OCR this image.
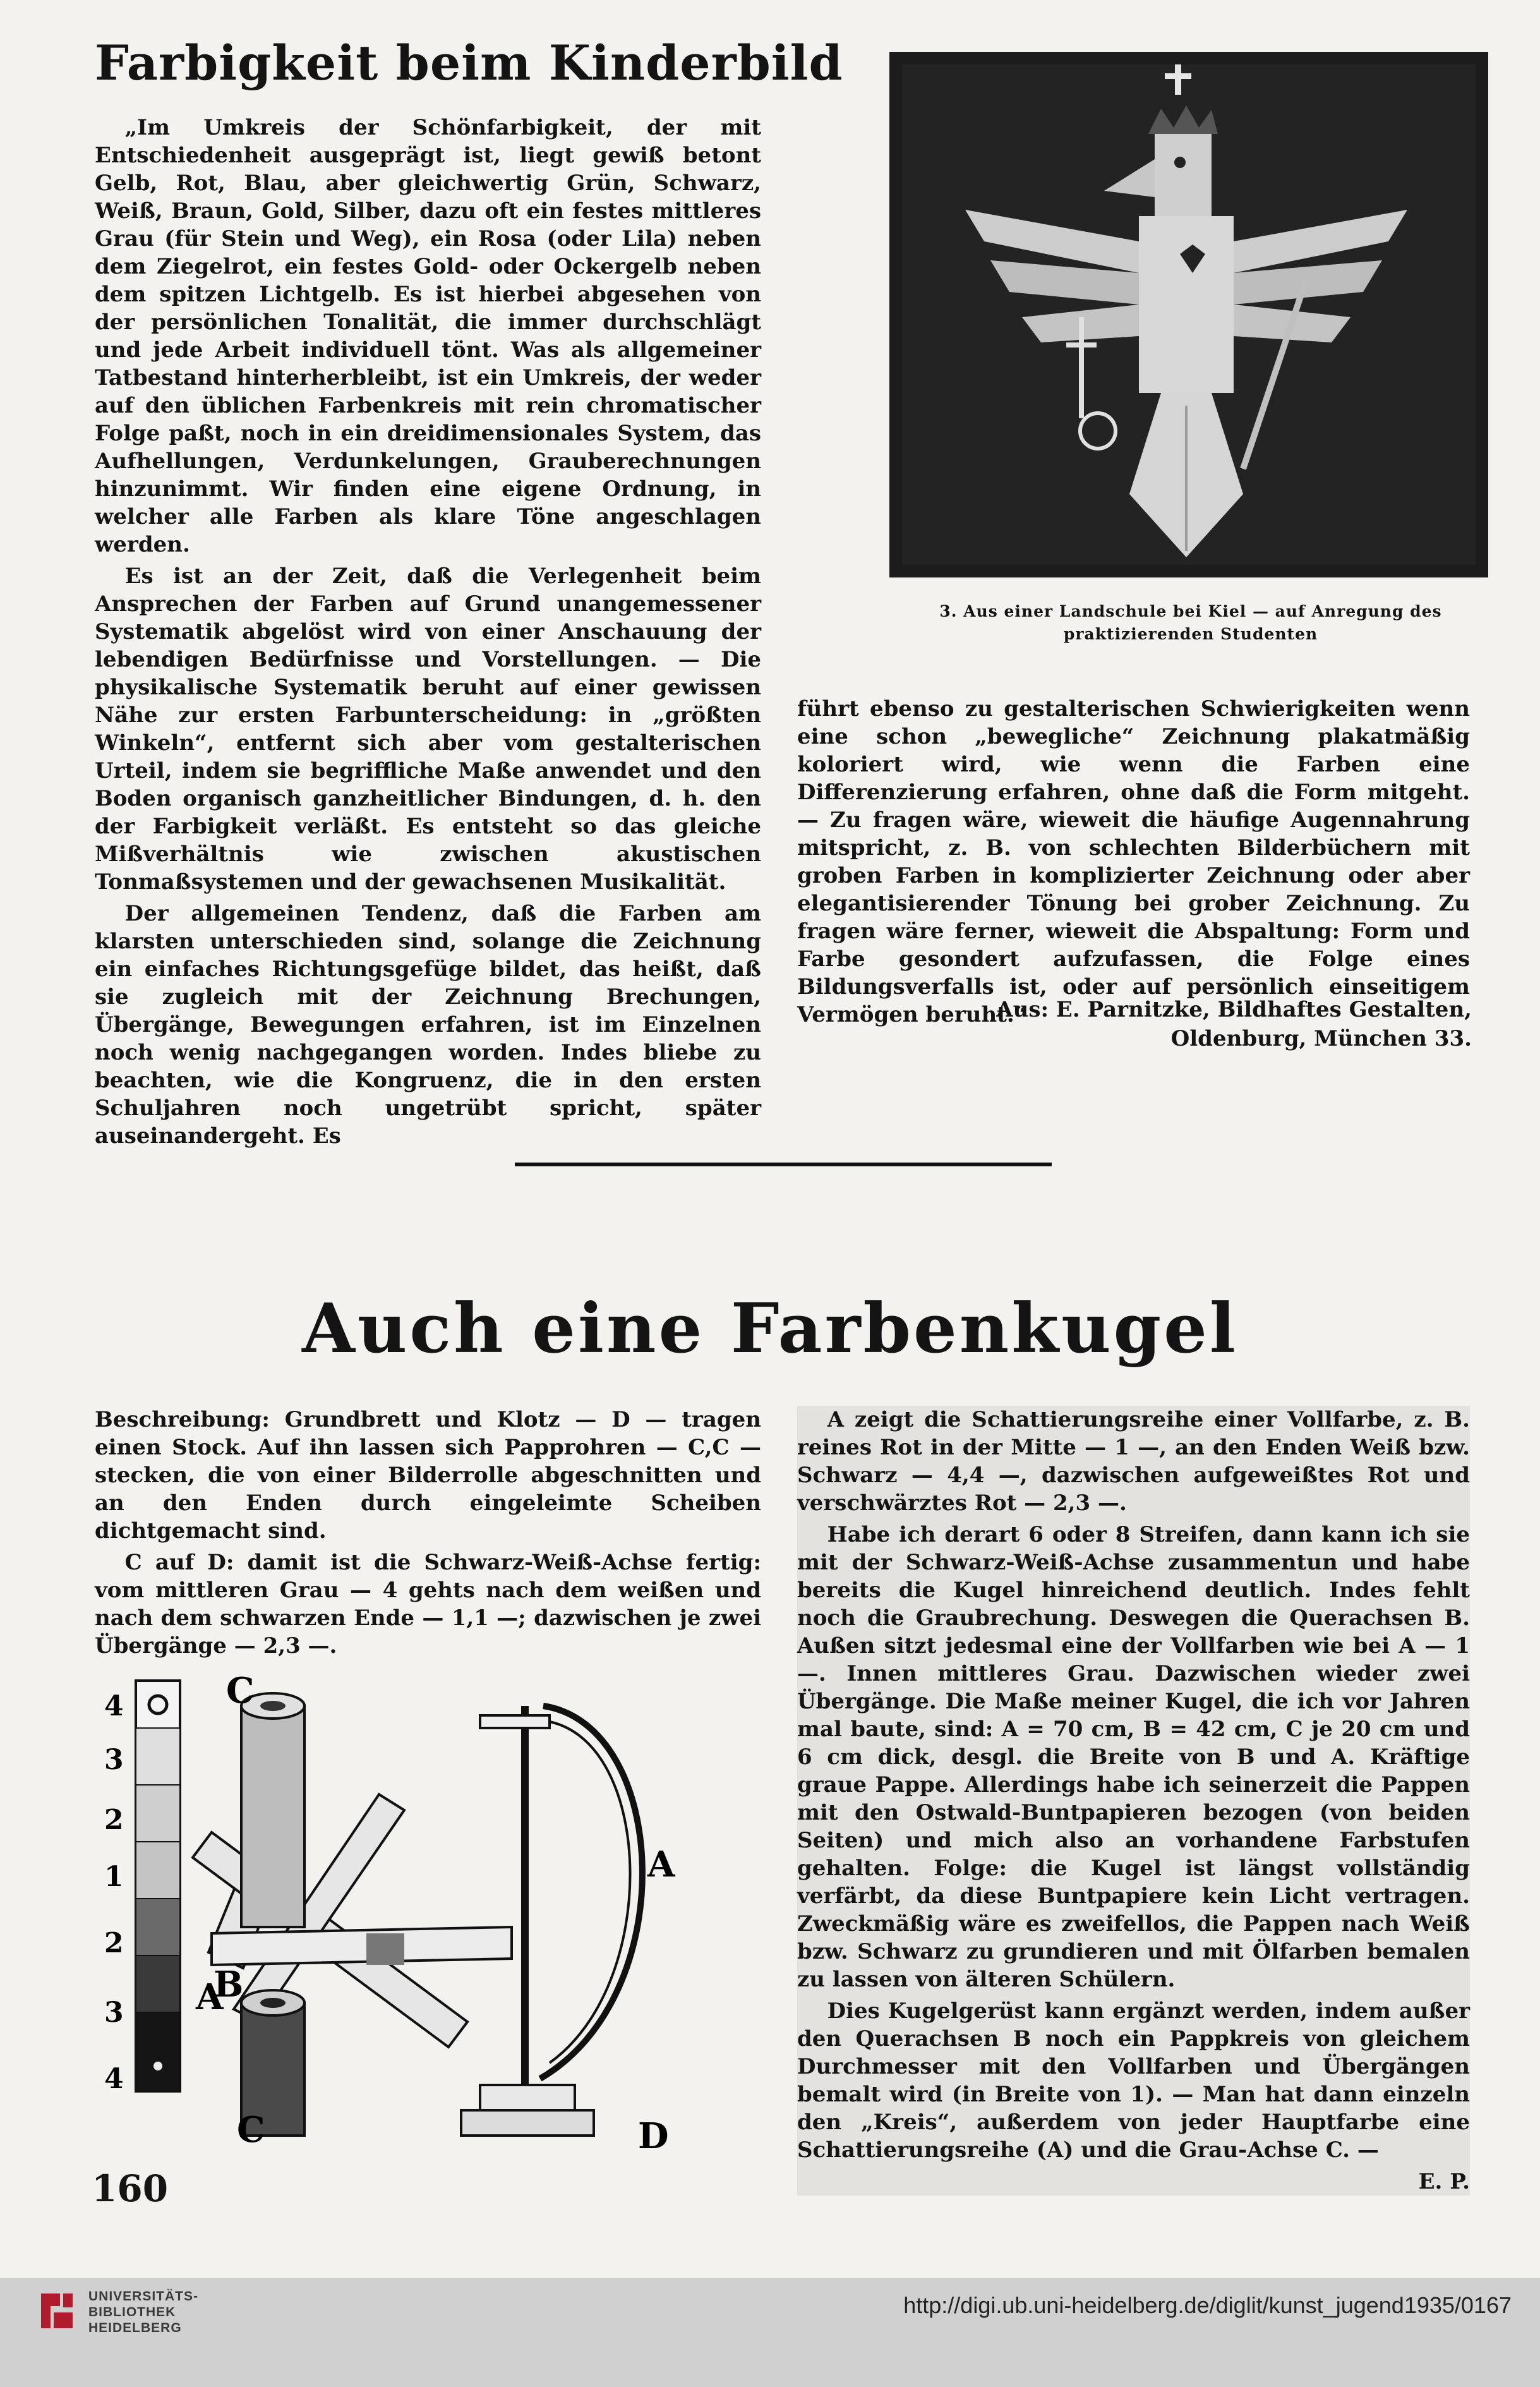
Farbigkeit beim Kinderbild

„Im Umkreis der Schönfarbigkeit, der mit Entschiedenheit ausgeprägt ist, liegt gewiß betont Gelb, Rot, Blau, aber gleichwertig Grün, Schwarz, Weiß, Braun, Gold, Silber, dazu oft ein festes mittleres Grau (für Stein und Weg), ein Rosa (oder Lila) neben dem Ziegelrot, ein festes Gold- oder Ockergelb neben dem spitzen Lichtgelb. Es ist hierbei abgesehen von der persönlichen Tonalität, die immer durchschlägt und jede Arbeit individuell tönt. Was als allgemeiner Tatbestand hinterherbleibt, ist ein Umkreis, der weder auf den üblichen Farbenkreis mit rein chromatischer Folge paßt, noch in ein dreidimensionales System, das Aufhellungen, Verdunkelungen, Grauberechnungen hinzunimmt. Wir finden eine eigene Ordnung, in welcher alle Farben als klare Töne angeschlagen werden.

Es ist an der Zeit, daß die Verlegenheit beim Ansprechen der Farben auf Grund unangemessener Systematik abgelöst wird von einer Anschauung der lebendigen Bedürfnisse und Vorstellungen. — Die physikalische Systematik beruht auf einer gewissen Nähe zur ersten Farbunterscheidung: in „größten Winkeln“, entfernt sich aber vom gestalterischen Urteil, indem sie begriffliche Maße anwendet und den Boden organisch ganzheitlicher Bindungen, d. h. den der Farbigkeit verläßt. Es entsteht so das gleiche Mißverhältnis wie zwischen akustischen Tonmaßsystemen und der gewachsenen Musikalität.

Der allgemeinen Tendenz, daß die Farben am klarsten unterschieden sind, solange die Zeichnung ein einfaches Richtungsgefüge bildet, das heißt, daß sie zugleich mit der Zeichnung Brechungen, Übergänge, Bewegungen erfahren, ist im Einzelnen noch wenig nachgegangen worden. Indes bliebe zu beachten, wie die Kongruenz, die in den ersten Schuljahren noch ungetrübt spricht, später auseinandergeht. Es

3. Aus einer Landschule bei Kiel — auf Anregung des praktizierenden Studenten

führt ebenso zu gestalterischen Schwierigkeiten wenn eine schon „bewegliche“ Zeichnung plakatmäßig koloriert wird, wie wenn die Farben eine Differenzierung erfahren, ohne daß die Form mitgeht. — Zu fragen wäre, wieweit die häufige Augennahrung mitspricht, z. B. von schlechten Bilderbüchern mit groben Farben in komplizierter Zeichnung oder aber elegantisierender Tönung bei grober Zeichnung. Zu fragen wäre ferner, wieweit die Abspaltung: Form und Farbe gesondert aufzufassen, die Folge eines Bildungsverfalls ist, oder auf persönlich einseitigem Vermögen beruht.“

Aus: E. Parnitzke, Bildhaftes Gestalten,
Oldenburg, München 33.
Auch eine Farbenkugel

Beschreibung: Grundbrett und Klotz — D — tragen einen Stock. Auf ihn lassen sich Papprohren — C,C — stecken, die von einer Bilderrolle abgeschnitten und an den Enden durch eingeleimte Scheiben dichtgemacht sind.

C auf D: damit ist die Schwarz-Weiß-Achse fertig: vom mittleren Grau — 4 gehts nach dem weißen und nach dem schwarzen Ende — 1,1 —; dazwischen je zwei Übergänge — 2,3 —.

A zeigt die Schattierungsreihe einer Vollfarbe, z. B. reines Rot in der Mitte — 1 —, an den Enden Weiß bzw. Schwarz — 4,4 —, dazwischen aufgeweißtes Rot und verschwärztes Rot — 2,3 —.

Habe ich derart 6 oder 8 Streifen, dann kann ich sie mit der Schwarz-Weiß-Achse zusammentun und habe bereits die Kugel hinreichend deutlich. Indes fehlt noch die Graubrechung. Deswegen die Querachsen B. Außen sitzt jedesmal eine der Vollfarben wie bei A — 1 —. Innen mittleres Grau. Dazwischen wieder zwei Übergänge. Die Maße meiner Kugel, die ich vor Jahren mal baute, sind: A = 70 cm, B = 42 cm, C je 20 cm und 6 cm dick, desgl. die Breite von B und A. Kräftige graue Pappe. Allerdings habe ich seinerzeit die Pappen mit den Ostwald-Buntpapieren bezogen (von beiden Seiten) und mich also an vorhandene Farbstufen gehalten. Folge: die Kugel ist längst vollständig verfärbt, da diese Buntpapiere kein Licht vertragen. Zweckmäßig wäre es zweifellos, die Pappen nach Weiß bzw. Schwarz zu grundieren und mit Ölfarben bemalen zu lassen von älteren Schülern.

Dies Kugelgerüst kann ergänzt werden, indem außer den Querachsen B noch ein Pappkreis von gleichem Durchmesser mit den Vollfarben und Übergängen bemalt wird (in Breite von 1). — Man hat dann einzeln den „Kreis“, außerdem von jeder Hauptfarbe eine Schattierungsreihe (A) und die Grau-Achse C. —

E. P.
4
3
2
1
2
3
4
A
C
B
C
A
D
160
UNIVERSITÄTS-
BIBLIOTHEK
HEIDELBERG
http://digi.ub.uni-heidelberg.de/diglit/kunst_jugend1935/0167
